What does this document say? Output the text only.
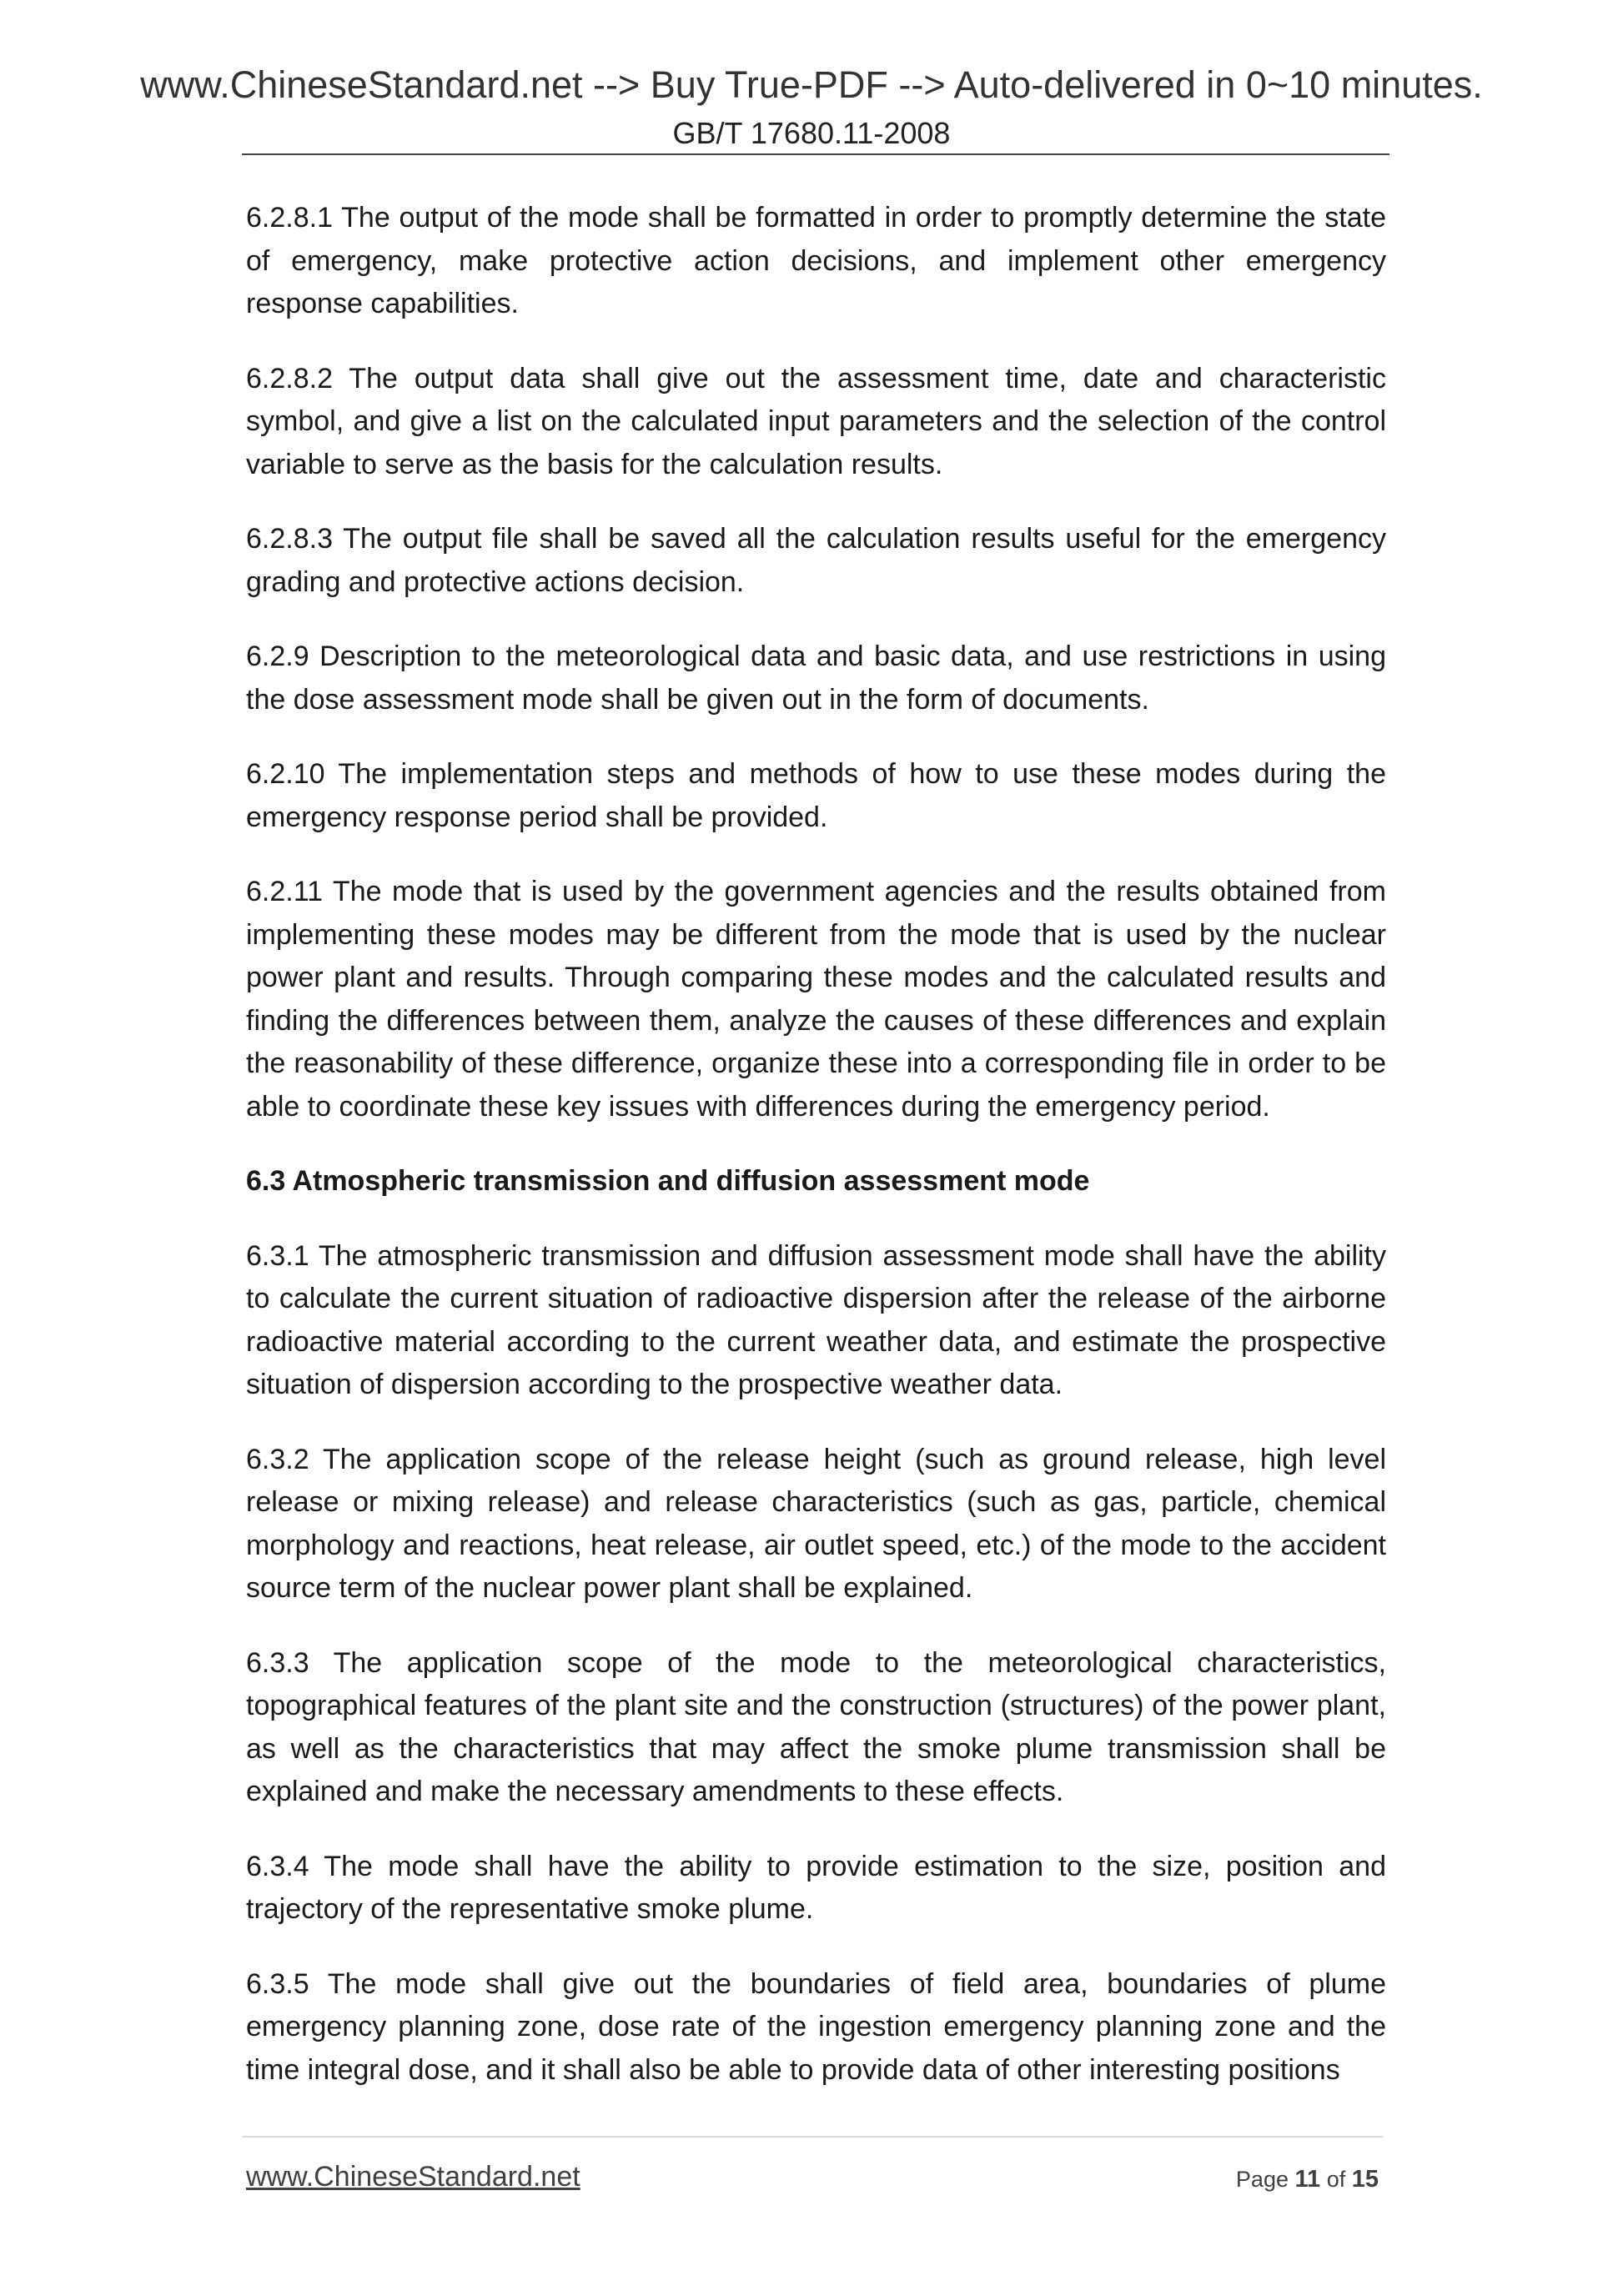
www.ChineseStandard.net --> Buy True-PDF --> Auto-delivered in 0~10 minutes.
GB/T 17680.11-2008

6.2.8.1 The output of the mode shall be formatted in order to promptly determine the state of emergency, make protective action decisions, and implement other emergency response capabilities.

6.2.8.2 The output data shall give out the assessment time, date and characteristic symbol, and give a list on the calculated input parameters and the selection of the control variable to serve as the basis for the calculation results.

6.2.8.3 The output file shall be saved all the calculation results useful for the emergency grading and protective actions decision.

6.2.9 Description to the meteorological data and basic data, and use restrictions in using the dose assessment mode shall be given out in the form of documents.

6.2.10 The implementation steps and methods of how to use these modes during the emergency response period shall be provided.

6.2.11 The mode that is used by the government agencies and the results obtained from implementing these modes may be different from the mode that is used by the nuclear power plant and results. Through comparing these modes and the calculated results and finding the differences between them, analyze the causes of these differences and explain the reasonability of these difference, organize these into a corresponding file in order to be able to coordinate these key issues with differences during the emergency period.

6.3 Atmospheric transmission and diffusion assessment mode

6.3.1 The atmospheric transmission and diffusion assessment mode shall have the ability to calculate the current situation of radioactive dispersion after the release of the airborne radioactive material according to the current weather data, and estimate the prospective situation of dispersion according to the prospective weather data.

6.3.2 The application scope of the release height (such as ground release, high level release or mixing release) and release characteristics (such as gas, particle, chemical morphology and reactions, heat release, air outlet speed, etc.) of the mode to the accident source term of the nuclear power plant shall be explained.

6.3.3 The application scope of the mode to the meteorological characteristics, topographical features of the plant site and the construction (structures) of the power plant, as well as the characteristics that may affect the smoke plume transmission shall be explained and make the necessary amendments to these effects.

6.3.4 The mode shall have the ability to provide estimation to the size, position and trajectory of the representative smoke plume.

6.3.5 The mode shall give out the boundaries of field area, boundaries of plume emergency planning zone, dose rate of the ingestion emergency planning zone and the time integral dose, and it shall also be able to provide data of other interesting positions

www.ChineseStandard.net	Page 11 of 15
